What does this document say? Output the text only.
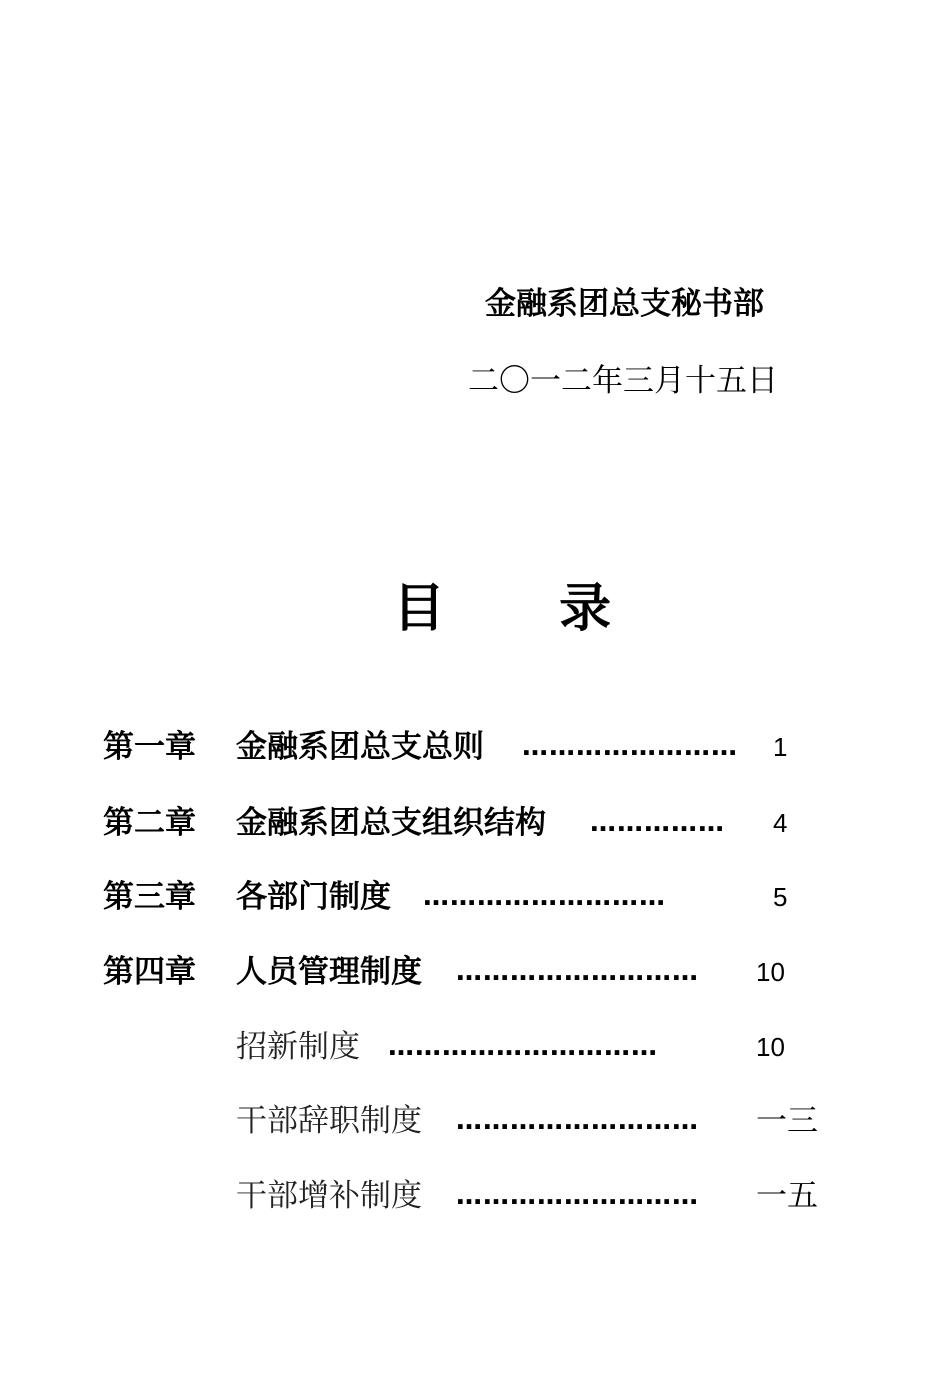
金融系团总支秘书部
二〇一二年三月十五日
目 录
第一章 金融系团总支总则 ……………………	1
第二章 金融系团总支组织结构 ……………	4
第三章 各部门制度 ………………………	5
第四章 人员管理制度 ………………………	10
招新制度 …………………………	10
干部辞职制度 ………………………	一三
干部增补制度 ………………………	一五
